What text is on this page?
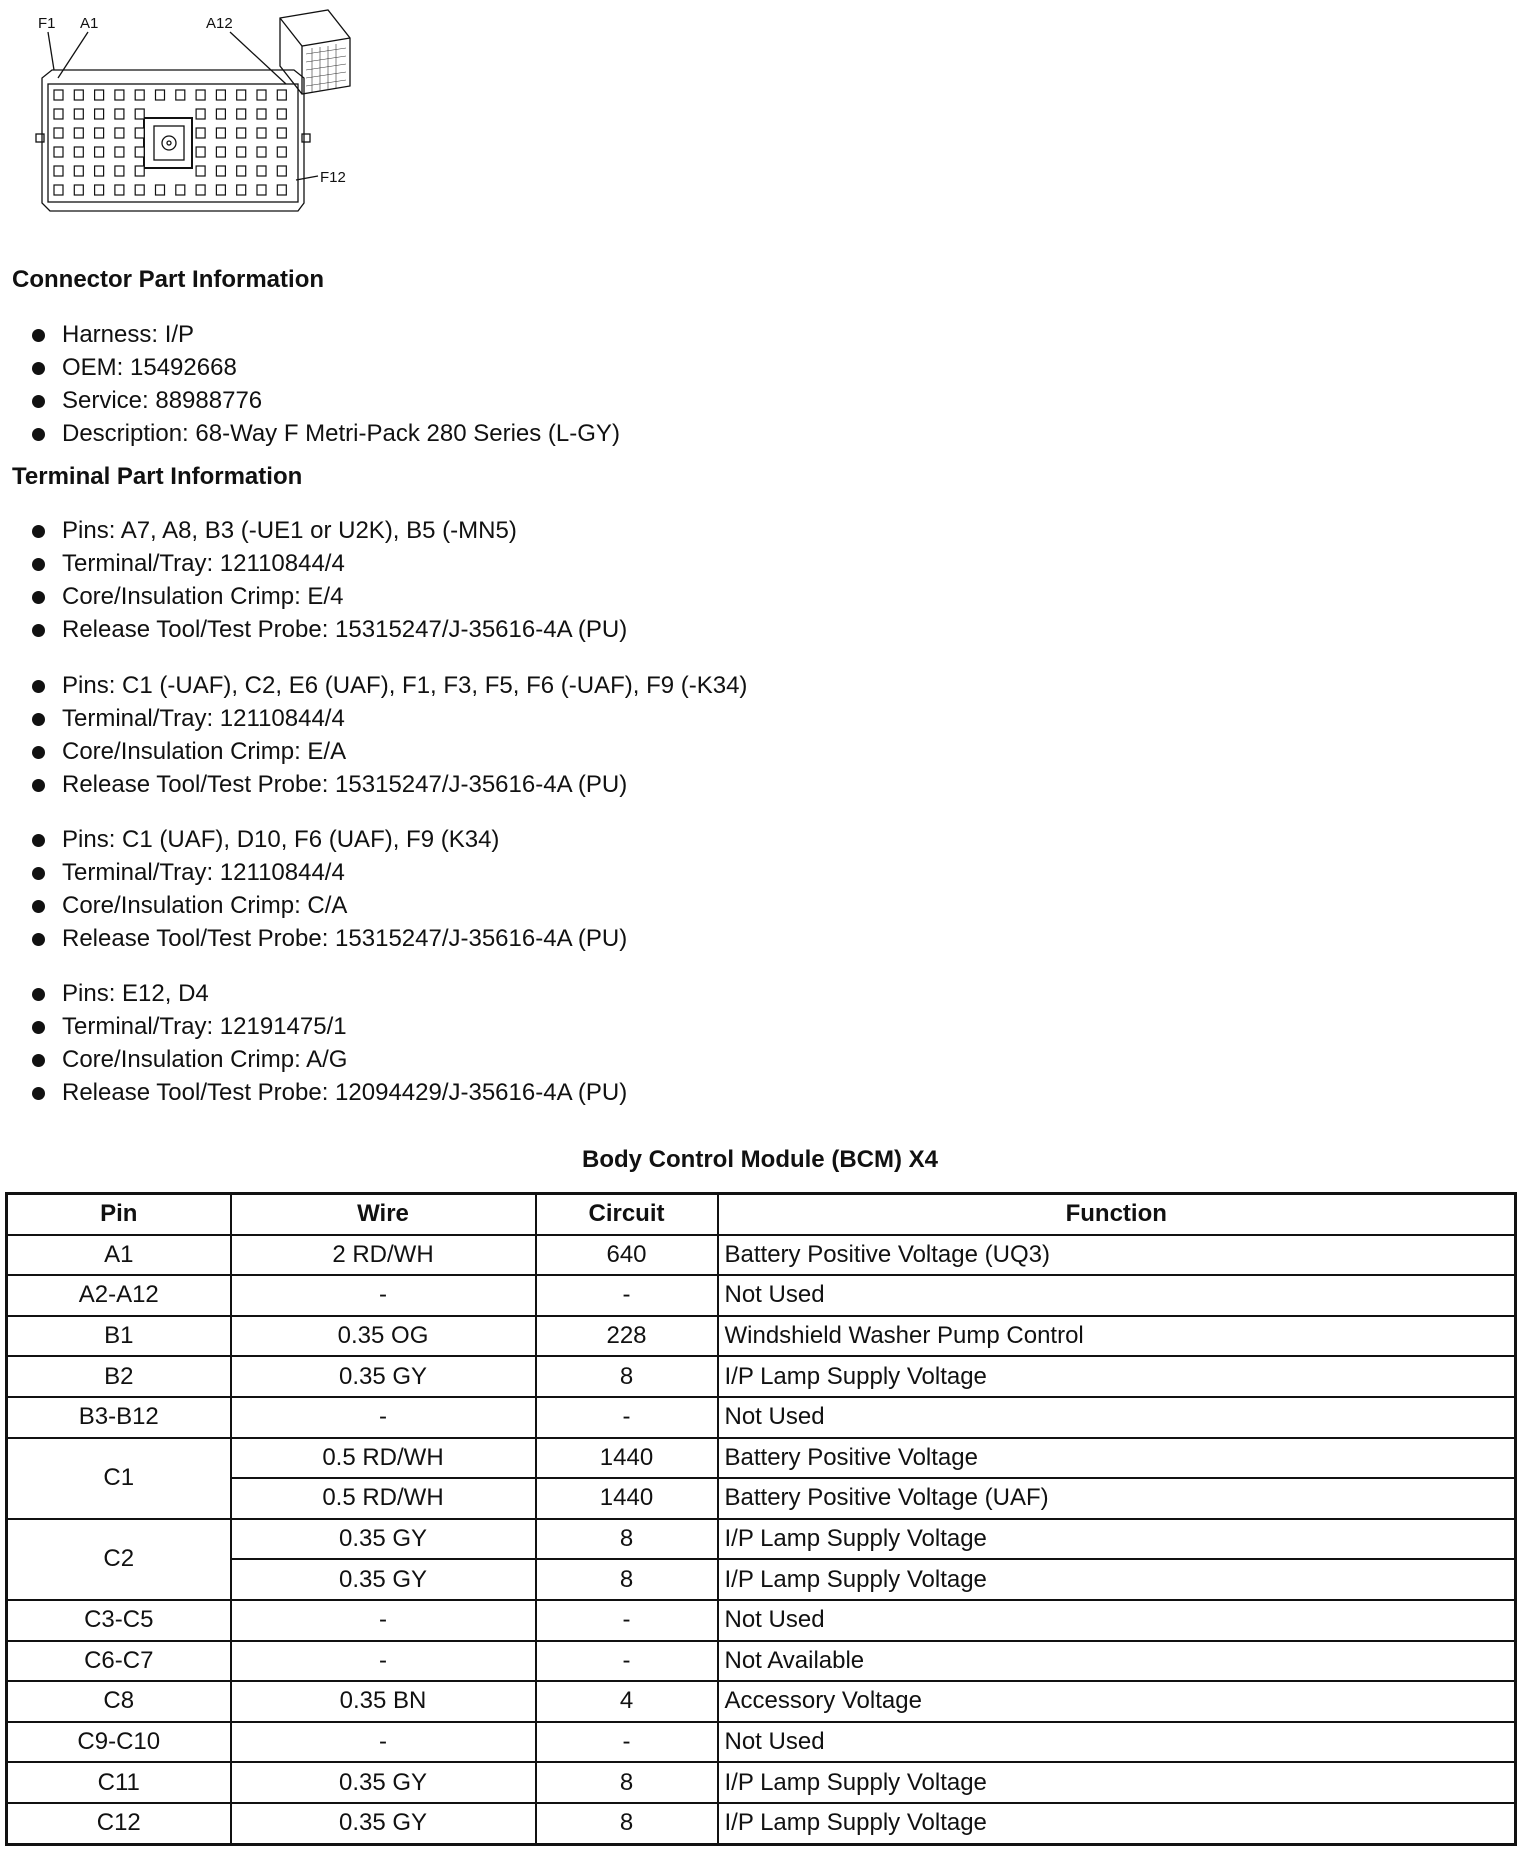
F1 A1	A12
F12
Connector Part Information
Harness: I/P
OEM: 15492668
Service: 88988776
Description: 68-Way F Metri-Pack 280 Series (L-GY)
Terminal Part Information
Pins: A7, A8, B3 (-UE1 or U2K), B5 (-MN5)
Terminal/Tray: 12110844/4
Core/Insulation Crimp: E/4
Release Tool/Test Probe: 15315247/J-35616-4A (PU)
Pins: C1 (-UAF), C2, E6 (UAF), F1, F3, F5, F6 (-UAF), F9 (-K34)
Terminal/Tray: 12110844/4
Core/Insulation Crimp: E/A
Release Tool/Test Probe: 15315247/J-35616-4A (PU)
Pins: C1 (UAF), D10, F6 (UAF), F9 (K34)
Terminal/Tray: 12110844/4
Core/Insulation Crimp: C/A
Release Tool/Test Probe: 15315247/J-35616-4A (PU)
Pins: E12, D4
Terminal/Tray: 12191475/1
Core/Insulation Crimp: A/G
Release Tool/Test Probe: 12094429/J-35616-4A (PU)
Body Control Module (BCM) X4
Pin	Wire	Circuit	Function
A1	2 RD/WH	640	Battery Positive Voltage (UQ3)
A2-A12	-	-	Not Used
B1	0.35 OG	228	Windshield Washer Pump Control
B2	0.35 GY	8	I/P Lamp Supply Voltage
B3-B12	-	-	Not Used
C1	0.5 RD/WH	1440	Battery Positive Voltage
	0.5 RD/WH	1440	Battery Positive Voltage (UAF)
C2	0.35 GY	8	I/P Lamp Supply Voltage
	0.35 GY	8	I/P Lamp Supply Voltage
C3-C5	-	-	Not Used
C6-C7	-	-	Not Available
C8	0.35 BN	4	Accessory Voltage
C9-C10	-	-	Not Used
C11	0.35 GY	8	I/P Lamp Supply Voltage
C12	0.35 GY	8	I/P Lamp Supply Voltage
